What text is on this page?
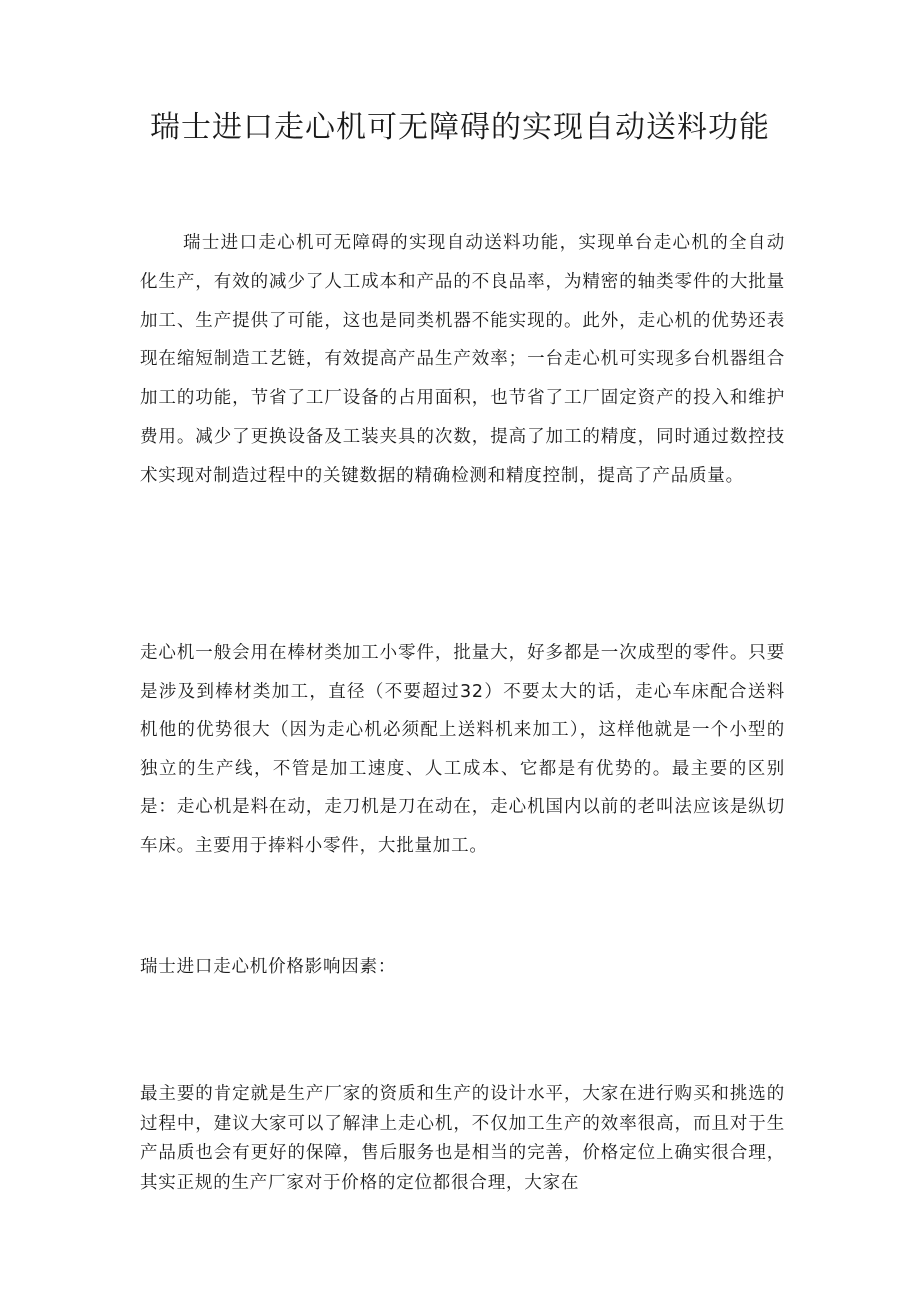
瑞士进口走心机可无障碍的实现自动送料功能

瑞士进口走心机可无障碍的实现自动送料功能，实现单台走心机的全自动化生产，有效的减少了人工成本和产品的不良品率，为精密的轴类零件的大批量加工、生产提供了可能，这也是同类机器不能实现的。此外，走心机的优势还表现在缩短制造工艺链，有效提高产品生产效率；一台走心机可实现多台机器组合加工的功能，节省了工厂设备的占用面积，也节省了工厂固定资产的投入和维护费用。减少了更换设备及工装夹具的次数，提高了加工的精度，同时通过数控技术实现对制造过程中的关键数据的精确检测和精度控制，提高了产品质量。

走心机一般会用在棒材类加工小零件，批量大，好多都是一次成型的零件。只要是涉及到棒材类加工，直径（不要超过32）不要太大的话，走心车床配合送料机他的优势很大（因为走心机必须配上送料机来加工），这样他就是一个小型的独立的生产线，不管是加工速度、人工成本、它都是有优势的。最主要的区别是：走心机是料在动，走刀机是刀在动在，走心机国内以前的老叫法应该是纵切车床。主要用于捧料小零件，大批量加工。

瑞士进口走心机价格影响因素：

最主要的肯定就是生产厂家的资质和生产的设计水平，大家在进行购买和挑选的过程中，建议大家可以了解津上走心机，不仅加工生产的效率很高，而且对于生产品质也会有更好的保障，售后服务也是相当的完善，价格定位上确实很合理，其实正规的生产厂家对于价格的定位都很合理，大家在
